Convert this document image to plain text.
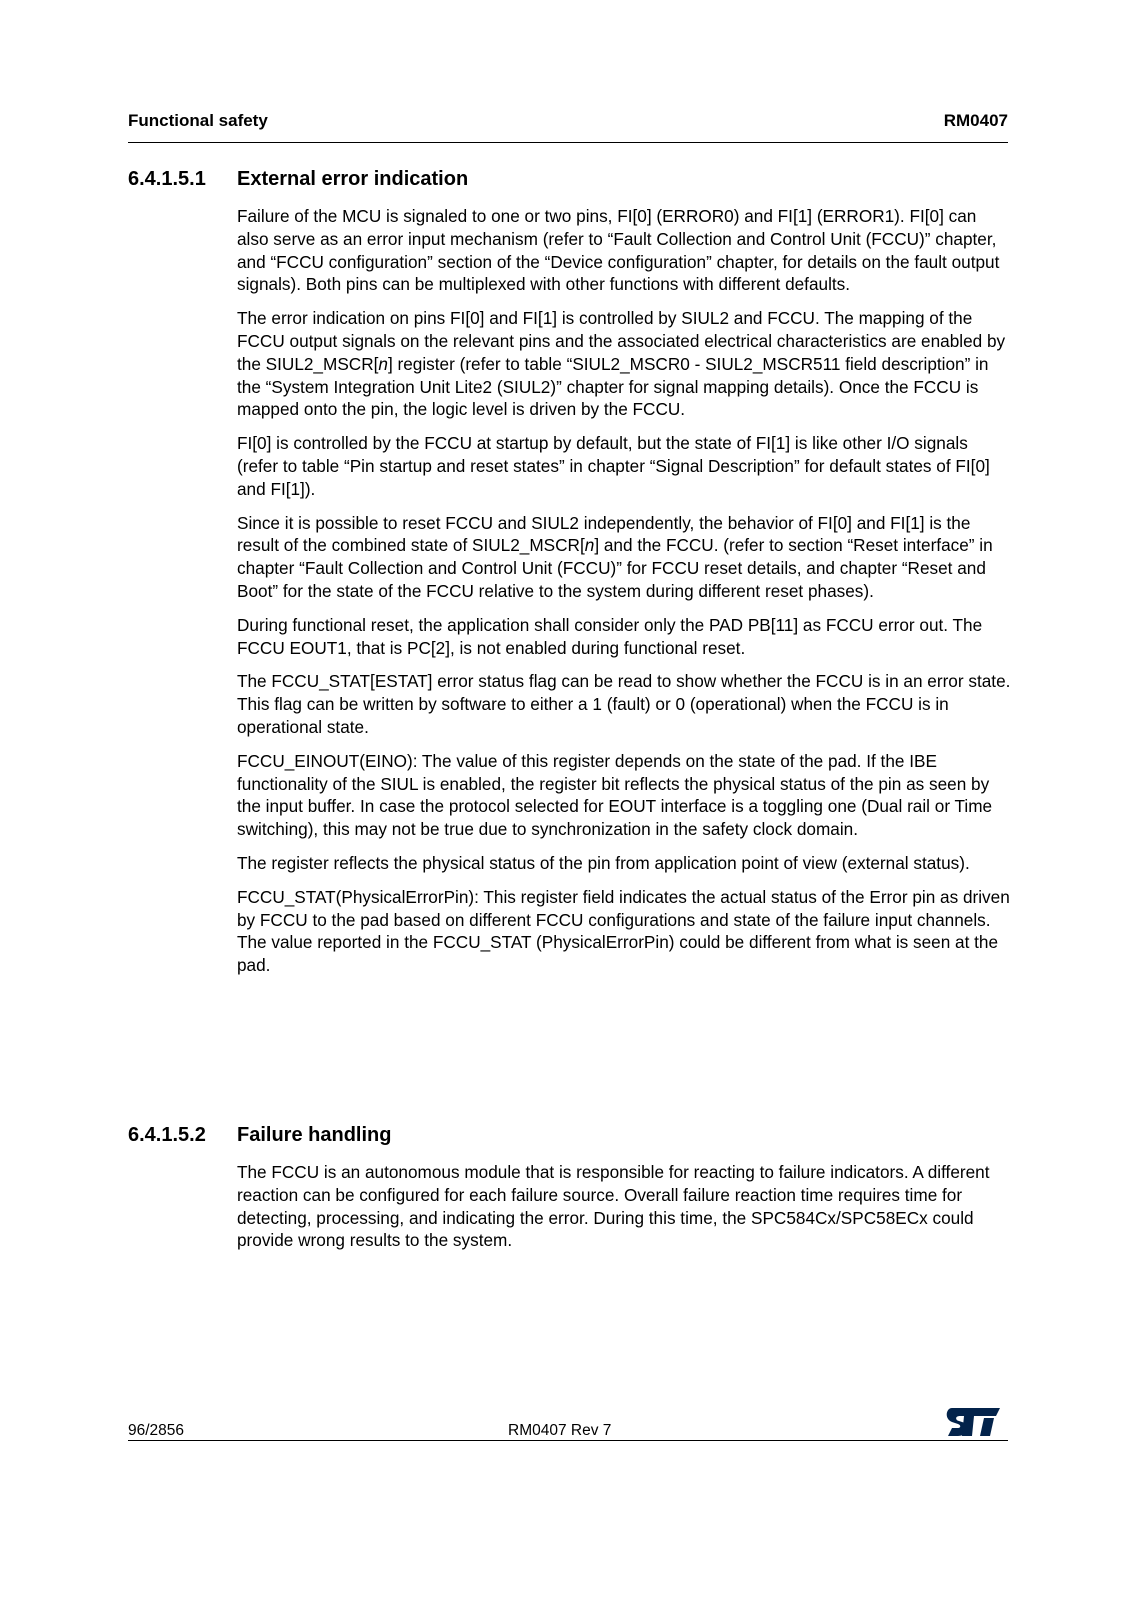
Functional safety	RM0407
6.4.1.5.1 External error indication

Failure of the MCU is signaled to one or two pins, FI[0] (ERROR0) and FI[1] (ERROR1). FI[0] can also serve as an error input mechanism (refer to “Fault Collection and Control Unit (FCCU)” chapter, and “FCCU configuration” section of the “Device configuration” chapter, for details on the fault output signals). Both pins can be multiplexed with other functions with different defaults.

The error indication on pins FI[0] and FI[1] is controlled by SIUL2 and FCCU. The mapping of the FCCU output signals on the relevant pins and the associated electrical characteristics are enabled by the SIUL2_MSCR[n] register (refer to table “SIUL2_MSCR0 - SIUL2_MSCR511 field description” in the “System Integration Unit Lite2 (SIUL2)” chapter for signal mapping details). Once the FCCU is mapped onto the pin, the logic level is driven by the FCCU.

FI[0] is controlled by the FCCU at startup by default, but the state of FI[1] is like other I/O signals (refer to table “Pin startup and reset states” in chapter “Signal Description” for default states of FI[0] and FI[1]).

Since it is possible to reset FCCU and SIUL2 independently, the behavior of FI[0] and FI[1] is the result of the combined state of SIUL2_MSCR[n] and the FCCU. (refer to section “Reset interface” in chapter “Fault Collection and Control Unit (FCCU)” for FCCU reset details, and chapter “Reset and Boot” for the state of the FCCU relative to the system during different reset phases).

During functional reset, the application shall consider only the PAD PB[11] as FCCU error out. The FCCU EOUT1, that is PC[2], is not enabled during functional reset.

The FCCU_STAT[ESTAT] error status flag can be read to show whether the FCCU is in an error state. This flag can be written by software to either a 1 (fault) or 0 (operational) when the FCCU is in operational state.

FCCU_EINOUT(EINO): The value of this register depends on the state of the pad. If the IBE functionality of the SIUL is enabled, the register bit reflects the physical status of the pin as seen by the input buffer. In case the protocol selected for EOUT interface is a toggling one (Dual rail or Time switching), this may not be true due to synchronization in the safety clock domain.

The register reflects the physical status of the pin from application point of view (external status).

FCCU_STAT(PhysicalErrorPin): This register field indicates the actual status of the Error pin as driven by FCCU to the pad based on different FCCU configurations and state of the failure input channels. The value reported in the FCCU_STAT (PhysicalErrorPin) could be different from what is seen at the pad.

6.4.1.5.2 Failure handling

The FCCU is an autonomous module that is responsible for reacting to failure indicators. A different reaction can be configured for each failure source. Overall failure reaction time requires time for detecting, processing, and indicating the error. During this time, the SPC584Cx/SPC58ECx could provide wrong results to the system.

96/2856	RM0407 Rev 7
